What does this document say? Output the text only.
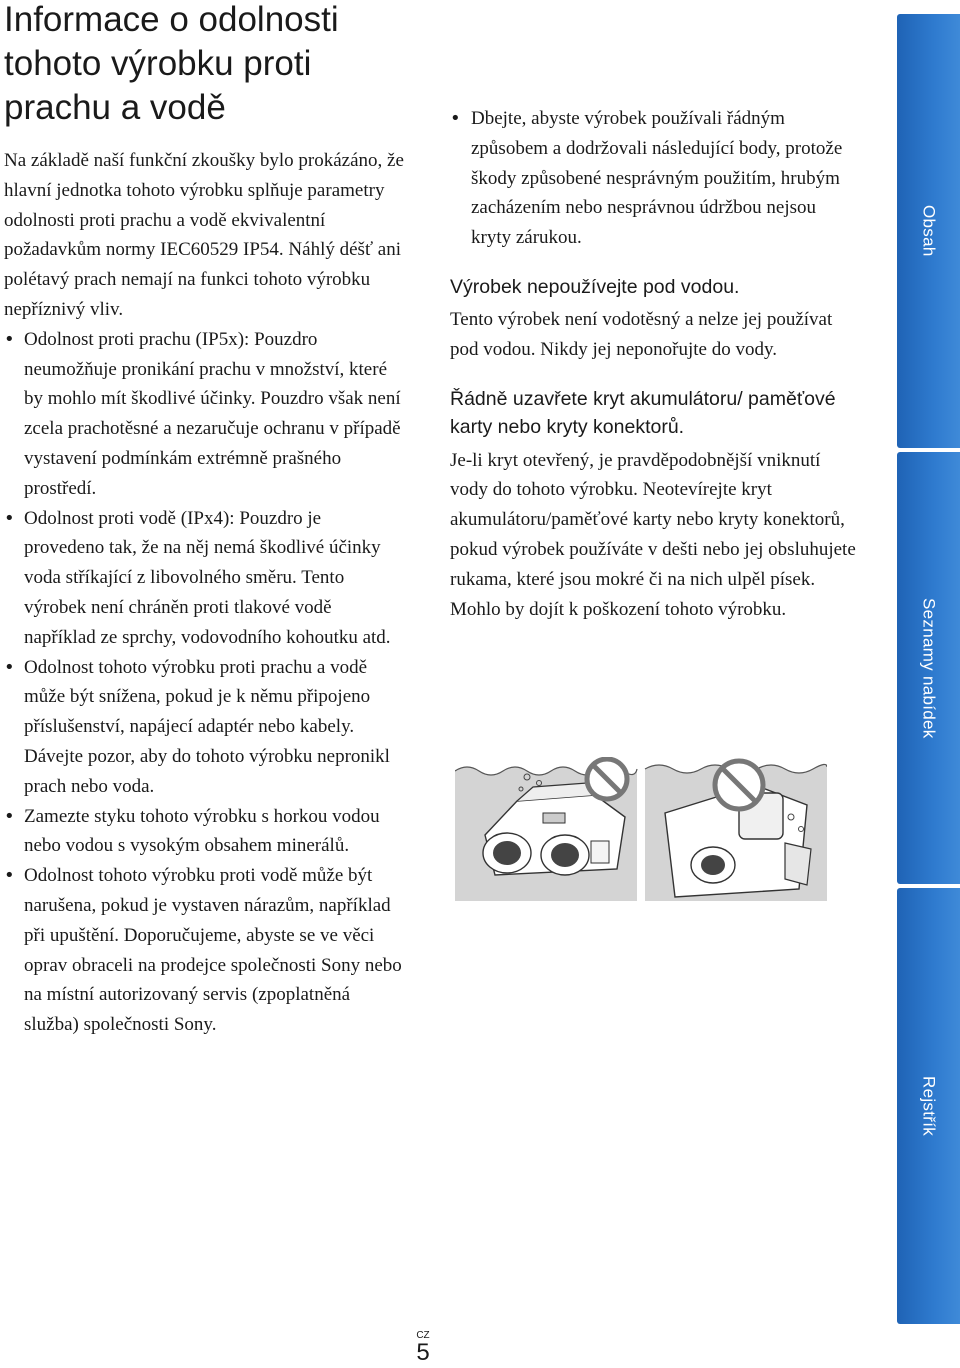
Informace o odolnosti tohoto výrobku proti prachu a vodě

Na základě naší funkční zkoušky bylo prokázáno, že hlavní jednotka tohoto výrobku splňuje parametry odolnosti proti prachu a vodě ekvivalentní požadavkům normy IEC60529 IP54. Náhlý déšť ani polétavý prach nemají na funkci tohoto výrobku nepříznivý vliv.

• Odolnost proti prachu (IP5x): Pouzdro neumožňuje pronikání prachu v množství, které by mohlo mít škodlivé účinky. Pouzdro však není zcela prachotěsné a nezaručuje ochranu v případě vystavení podmínkám extrémně prašného prostředí.
• Odolnost proti vodě (IPx4): Pouzdro je provedeno tak, že na něj nemá škodlivé účinky voda stříkající z libovolného směru. Tento výrobek není chráněn proti tlakové vodě například ze sprchy, vodovodního kohoutku atd.
• Odolnost tohoto výrobku proti prachu a vodě může být snížena, pokud je k němu připojeno příslušenství, napájecí adaptér nebo kabely. Dávejte pozor, aby do tohoto výrobku nepronikl prach nebo voda.
• Zamezte styku tohoto výrobku s horkou vodou nebo vodou s vysokým obsahem minerálů.
• Odolnost tohoto výrobku proti vodě může být narušena, pokud je vystaven nárazům, například při upuštění. Doporučujeme, abyste se ve věci oprav obraceli na prodejce společnosti Sony nebo na místní autorizovaný servis (zpoplatněná služba) společnosti Sony.
• Dbejte, abyste výrobek používali řádným způsobem a dodržovali následující body, protože škody způsobené nesprávným použitím, hrubým zacházením nebo nesprávnou údržbou nejsou kryty zárukou.

Výrobek nepoužívejte pod vodou.

Tento výrobek není vodotěsný a nelze jej používat pod vodou. Nikdy jej neponořujte do vody.

Řádně uzavřete kryt akumulátoru/ paměťové karty nebo kryty konektorů.

Je-li kryt otevřený, je pravděpodobnější vniknutí vody do tohoto výrobku. Neotevírejte kryt akumulátoru/paměťové karty nebo kryty konektorů, pokud výrobek používáte v dešti nebo jej obsluhujete rukama, které jsou mokré či na nich ulpěl písek. Mohlo by dojít k poškození tohoto výrobku.

Obsah
Seznamy nabídek
Rejstřík
CZ
5
